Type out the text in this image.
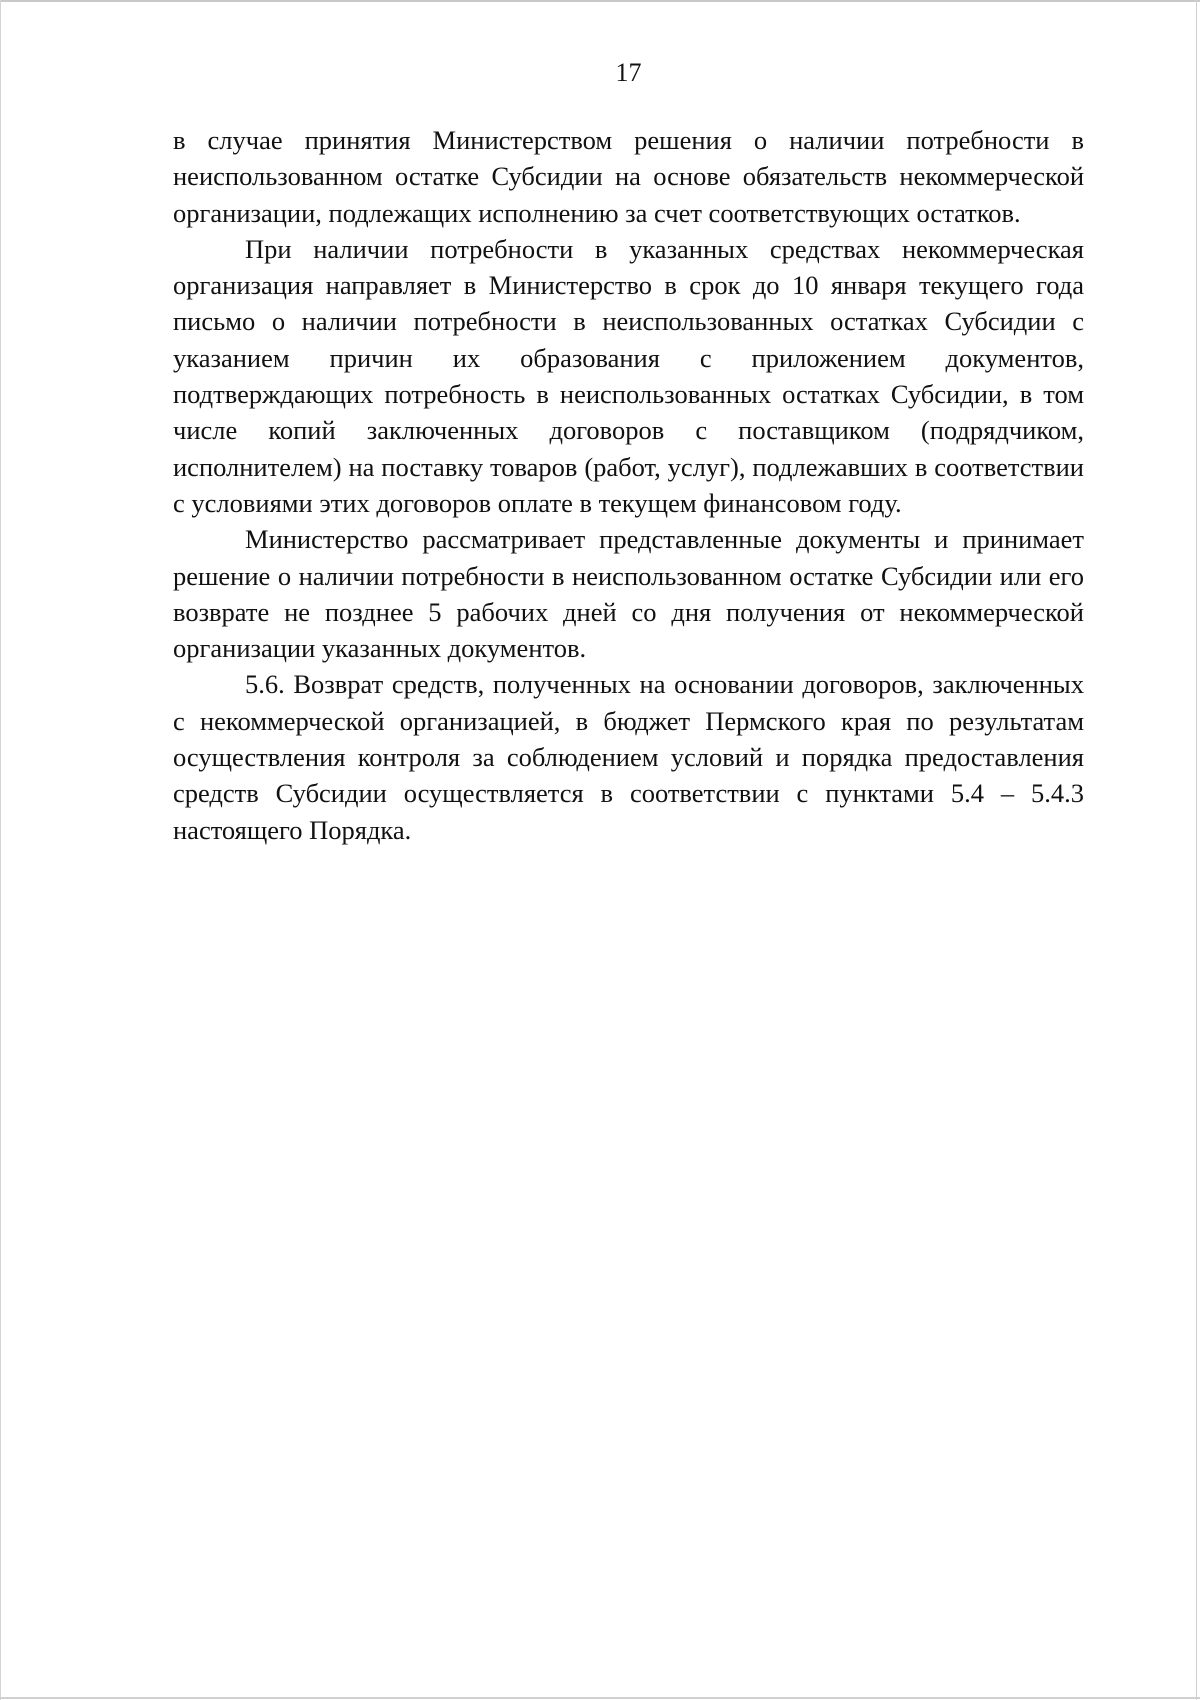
17

в случае принятия Министерством решения о наличии потребности в неиспользованном остатке Субсидии на основе обязательств некоммерческой организации, подлежащих исполнению за счет соответствующих остатков.

При наличии потребности в указанных средствах некоммерческая организация направляет в Министерство в срок до 10 января текущего года письмо о наличии потребности в неиспользованных остатках Субсидии с указанием причин их образования с приложением документов, подтверждающих потребность в неиспользованных остатках Субсидии, в том числе копий заключенных договоров с поставщиком (подрядчиком, исполнителем) на поставку товаров (работ, услуг), подлежавших в соответствии с условиями этих договоров оплате в текущем финансовом году.

Министерство рассматривает представленные документы и принимает решение о наличии потребности в неиспользованном остатке Субсидии или его возврате не позднее 5 рабочих дней со дня получения от некоммерческой организации указанных документов.

5.6. Возврат средств, полученных на основании договоров, заключенных с некоммерческой организацией, в бюджет Пермского края по результатам осуществления контроля за соблюдением условий и порядка предоставления средств Субсидии осуществляется в соответствии с пунктами 5.4 – 5.4.3 настоящего Порядка.
